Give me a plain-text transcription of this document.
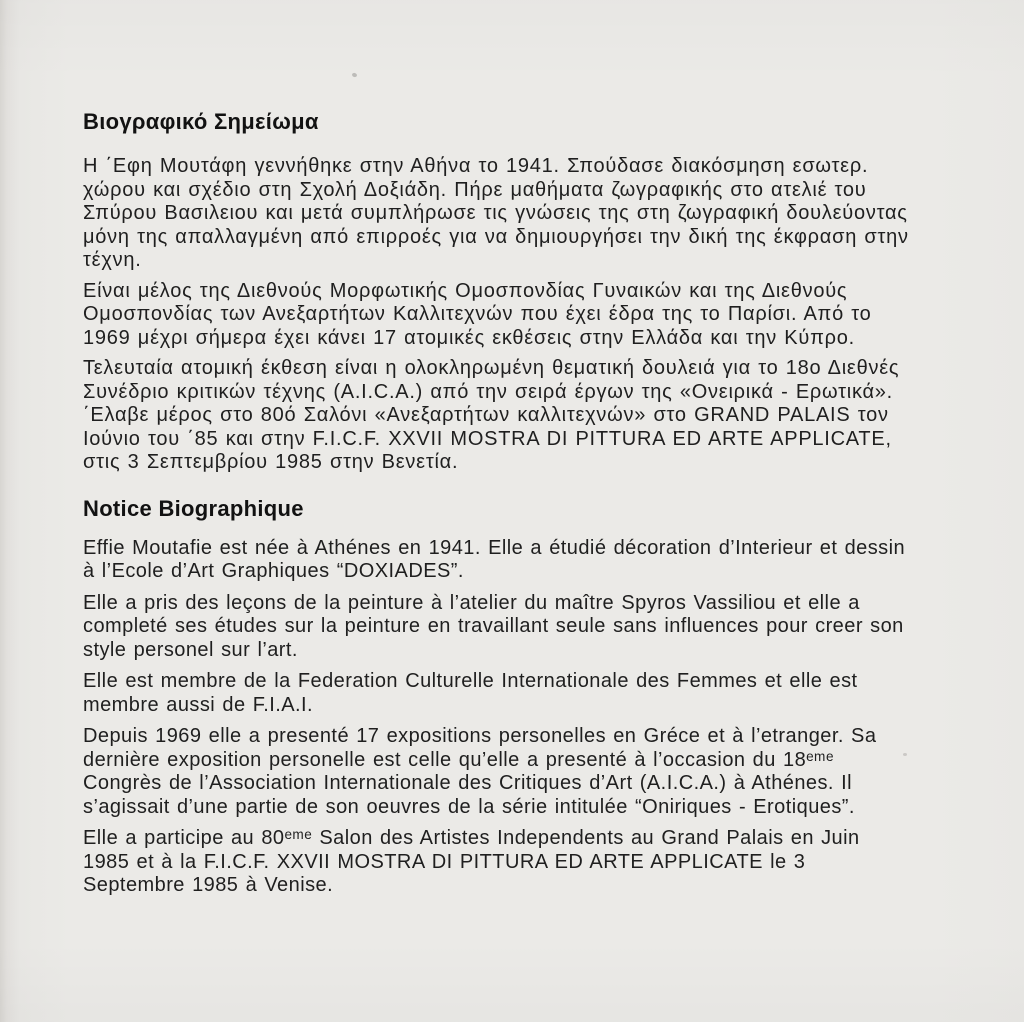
Βιογραφικό Σημείωμα

Η ΄Εφη Μουτάφη γεννήθηκε στην Αθήνα το 1941. Σπούδασε διακόσμηση εσωτερ. χώρου και σχέδιο στη Σχολή Δοξιάδη. Πήρε μαθήματα ζωγραφικής στο ατελιέ του Σπύρου Βασιλειου και μετά συμπλήρωσε τις γνώσεις της στη ζωγραφική δουλεύοντας μόνη της απαλλαγμένη από επιρροές για να δημιουργήσει την δική της έκφραση στην τέχνη.

Είναι μέλος της Διεθνούς Μορφωτικής Ομοσπονδίας Γυναικών και της Διεθνούς Ομοσπονδίας των Ανεξαρτήτων Καλλιτεχνών που έχει έδρα της το Παρίσι. Από το 1969 μέχρι σήμερα έχει κάνει 17 ατομικές εκθέσεις στην Ελλάδα και την Κύπρο.

Τελευταία ατομική έκθεση είναι η ολοκληρωμένη θεματική δουλειά για το 18ο Διεθνές Συνέδριο κριτικών τέχνης (A.I.C.A.) από την σειρά έργων της «Ονειρικά - Ερωτικά». ΄Ελαβε μέρος στο 80ό Σαλόνι «Ανεξαρτήτων καλλιτεχνών» στο GRAND PALAIS τον Ιούνιο του ΄85 και στην F.I.C.F. XXVII MOSTRA DI PITTURA ED ARTE APPLICATE, στις 3 Σεπτεμβρίου 1985 στην Βενετία.

Notice Biographique

Effie Moutafie est née à Athénes en 1941. Elle a étudié décoration d’Interieur et dessin à l’Ecole d’Art Graphiques “DOXIADES”.

Elle a pris des leçons de la peinture à l’atelier du maître Spyros Vassiliou et elle a completé ses études sur la peinture en travaillant seule sans influences pour creer son style personel sur l’art.

Elle est membre de la Federation Culturelle Internationale des Femmes et elle est membre aussi de F.I.A.I.

Depuis 1969 elle a presenté 17 expositions personelles en Gréce et à l’etranger. Sa dernière exposition personelle est celle qu’elle a presenté à l’occasion du 18ᵉᵐᵉ Congrès de l’Association Internationale des Critiques d’Art (A.I.C.A.) à Athénes. Il s’agissait d’une partie de son oeuvres de la série intitulée “Oniriques - Erotiques”.

Elle a participe au 80ᵉᵐᵉ Salon des Artistes Independents au Grand Palais en Juin 1985 et à la F.I.C.F. XXVII MOSTRA DI PITTURA ED ARTE APPLICATE le 3 Septembre 1985 à Venise.
